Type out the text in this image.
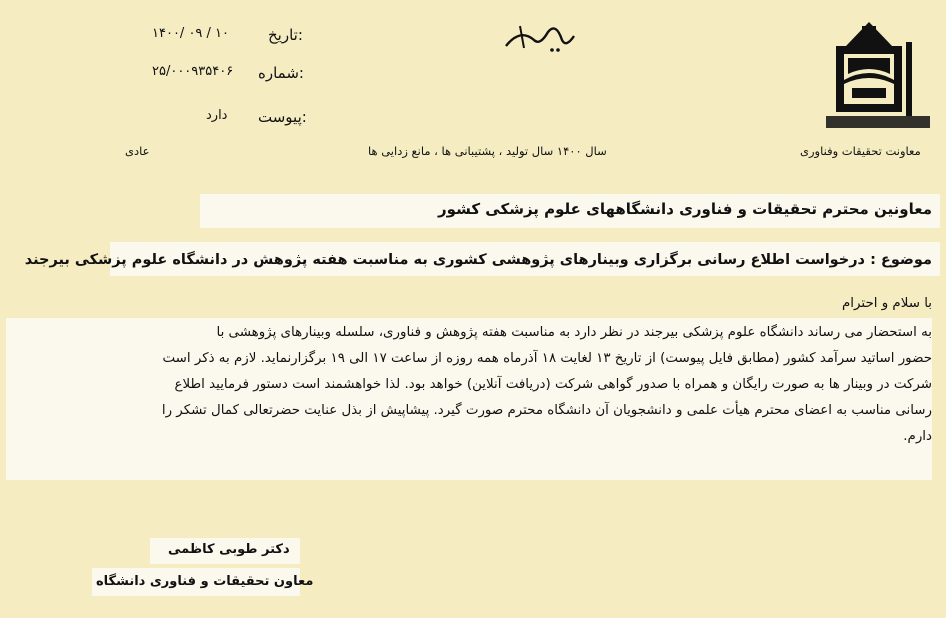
تاریخ:
۱۴۰۰/ ۰۹ / ۱۰
شماره:
۲۵/۰۰۰۹۳۵۴۰۶
پیوست:
دارد
معاونت تحقیقات وفناوری
سال ۱۴۰۰ سال تولید ، پشتیبانی ها ، مانع زدایی ها
عادی
معاونین محترم تحقیقات و فناوری دانشگاههای علوم پزشکی کشور
موضوع : درخواست اطلاع رسانی برگزاری وبینارهای پژوهشی کشوری به مناسبت هفته پژوهش در دانشگاه علوم پزشکی بیرجند
با سلام و احترام
به استحضار می رساند دانشگاه علوم پزشکی بیرجند در نظر دارد به مناسبت هفته پژوهش و فناوری، سلسله وبینارهای پژوهشی با
حضور اساتید سرآمد کشور (مطابق فایل پیوست) از تاریخ ۱۳ لغایت ۱۸ آذرماه همه روزه از ساعت ۱۷ الی ۱۹ برگزارنماید. لازم به ذکر است
شرکت در وبینار ها به صورت رایگان و همراه با صدور گواهی شرکت (دریافت آنلاین) خواهد بود. لذا خواهشمند است دستور فرمایید اطلاع
رسانی مناسب به اعضای محترم هیأت علمی و دانشجویان آن دانشگاه محترم صورت گیرد. پیشاپیش از بذل عنایت حضرتعالی کمال تشکر را
دارم.
دکتر طوبی کاظمی
معاون تحقیقات و فناوری دانشگاه
